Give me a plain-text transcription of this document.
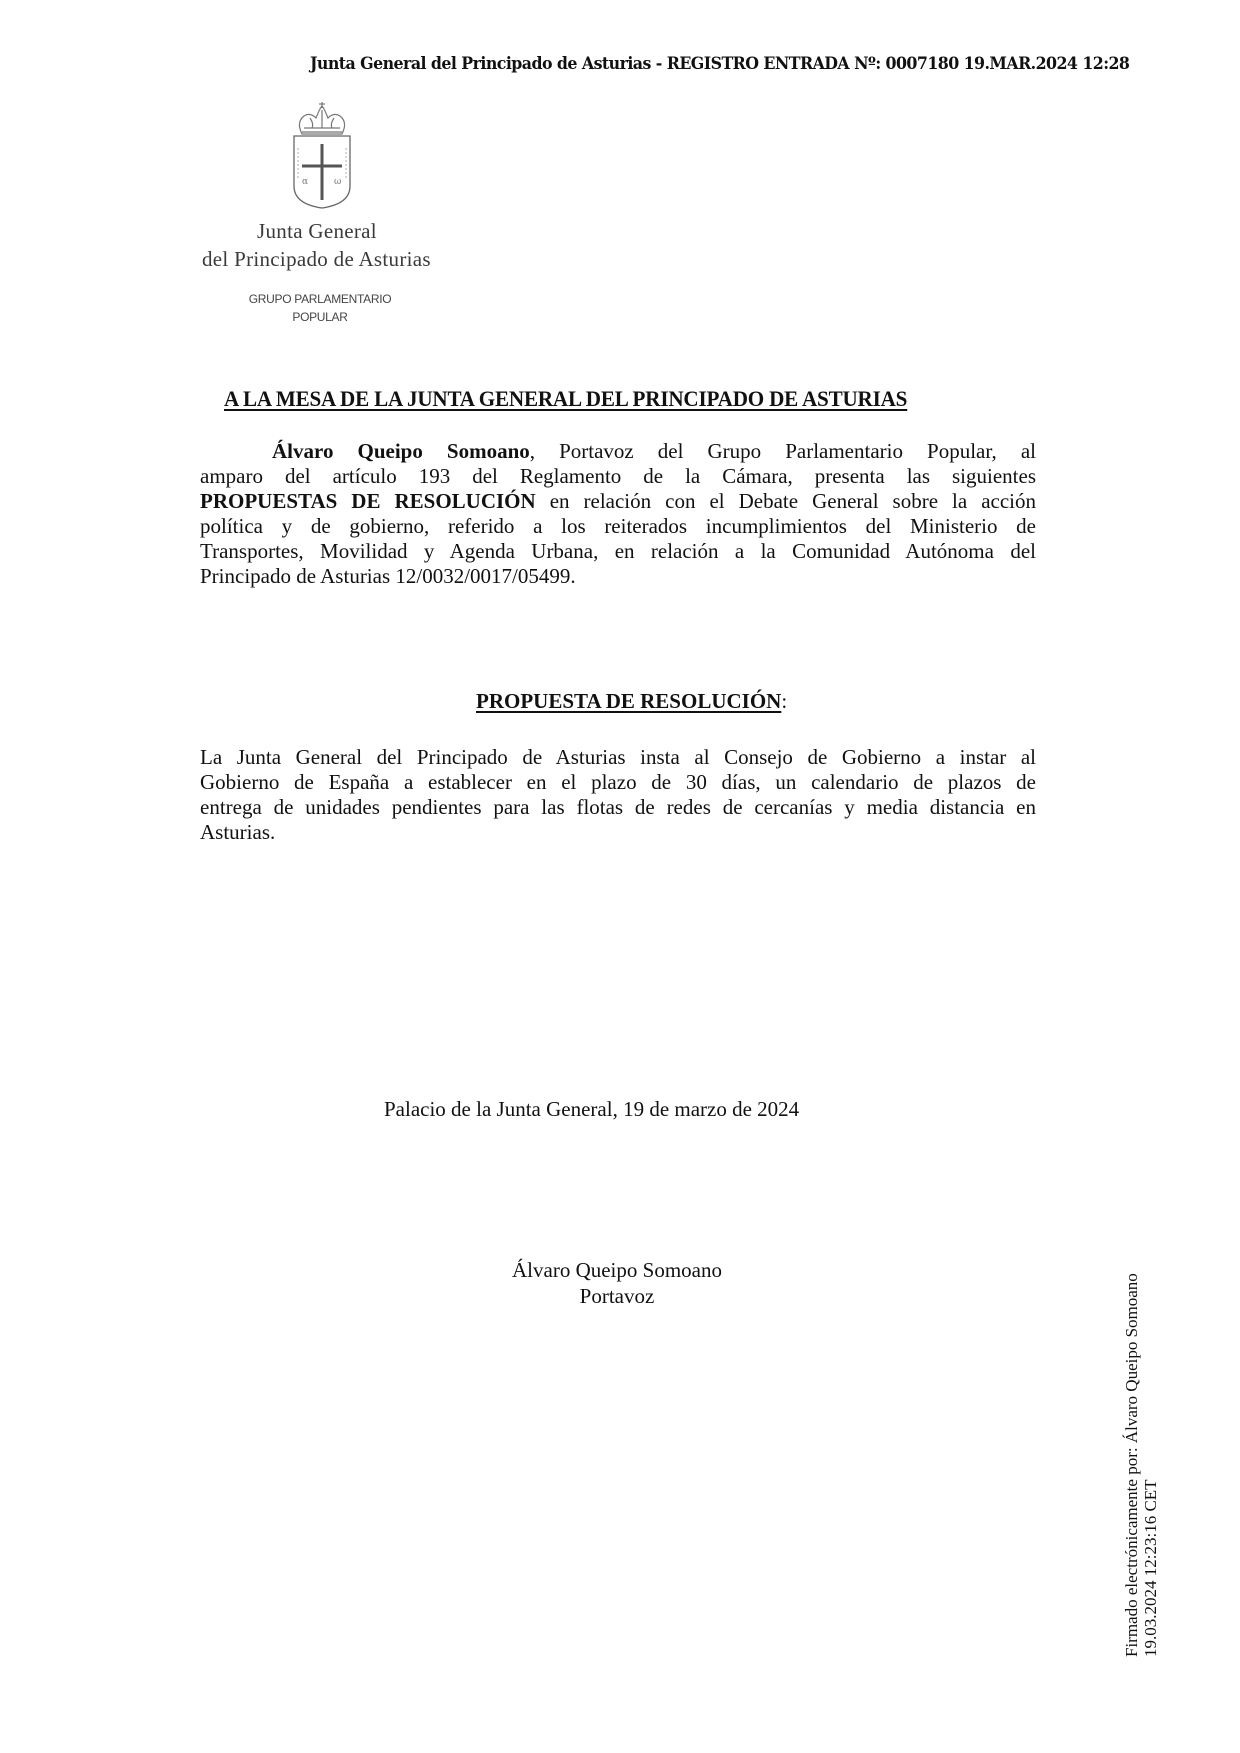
Junta General del Principado de Asturias - REGISTRO ENTRADA Nº: 0007180 19.MAR.2024 12:28
α	ω
Junta General
del Principado de Asturias
GRUPO PARLAMENTARIO
POPULAR
A LA MESA DE LA JUNTA GENERAL DEL PRINCIPADO DE ASTURIAS
Álvaro Queipo Somoano, Portavoz del Grupo Parlamentario Popular, al
amparo del artículo 193 del Reglamento de la Cámara, presenta las siguientes
PROPUESTAS DE RESOLUCIÓN en relación con el Debate General sobre la acción
política y de gobierno, referido a los reiterados incumplimientos del Ministerio de
Transportes, Movilidad y Agenda Urbana, en relación a la Comunidad Autónoma del
Principado de Asturias 12/0032/0017/05499.
PROPUESTA DE RESOLUCIÓN:
La Junta General del Principado de Asturias insta al Consejo de Gobierno a instar al
Gobierno de España a establecer en el plazo de 30 días, un calendario de plazos de
entrega de unidades pendientes para las flotas de redes de cercanías y media distancia en
Asturias.
Palacio de la Junta General, 19 de marzo de 2024
Álvaro Queipo Somoano
Portavoz	Firmado electrónicamente por: Álvaro Queipo Somoano 19.03.2024 12:23:16 CET
